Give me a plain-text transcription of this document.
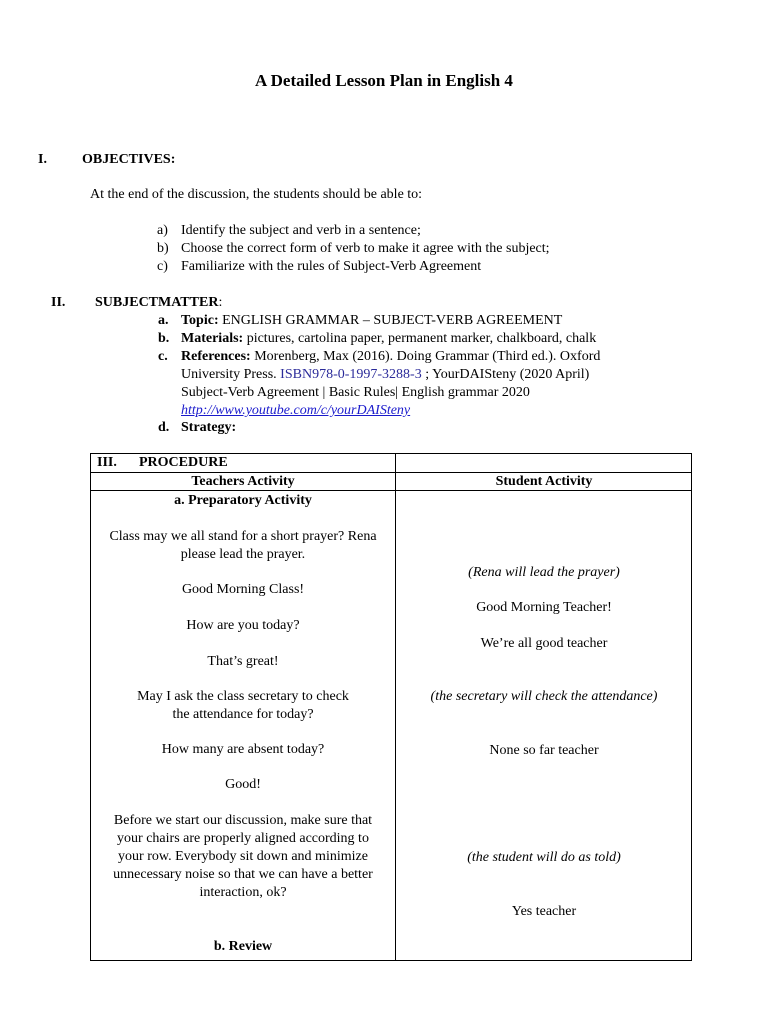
A Detailed Lesson Plan in English 4
I.	OBJECTIVES:
At the end of the discussion, the students should be able to:
a) Identify the subject and verb in a sentence;
b) Choose the correct form of verb to make it agree with the subject;
c) Familiarize with the rules of Subject-Verb Agreement
II. SUBJECTMATTER:
a. Topic: ENGLISH GRAMMAR – SUBJECT-VERB AGREEMENT
b. Materials: pictures, cartolina paper, permanent marker, chalkboard, chalk
c. References: Morenberg, Max (2016). Doing Grammar (Third ed.). Oxford
University Press. ISBN978-0-1997-3288-3 ; YourDAISteny (2020 April)
Subject-Verb Agreement | Basic Rules| English grammar 2020
http://www.youtube.com/c/yourDAISteny
d. Strategy:
III. PROCEDURE
Teachers Activity	Student Activity
a. Preparatory Activity
Class may we all stand for a short prayer? Rena
please lead the prayer.
Good Morning Class!
How are you today?
That’s great!
May I ask the class secretary to check
the attendance for today?
How many are absent today?
Good!
Before we start our discussion, make sure that
your chairs are properly aligned according to
your row. Everybody sit down and minimize
unnecessary noise so that we can have a better
interaction, ok?
b. Review
(Rena will lead the prayer)
Good Morning Teacher!
We’re all good teacher
(the secretary will check the attendance)
None so far teacher
(the student will do as told)
Yes teacher
